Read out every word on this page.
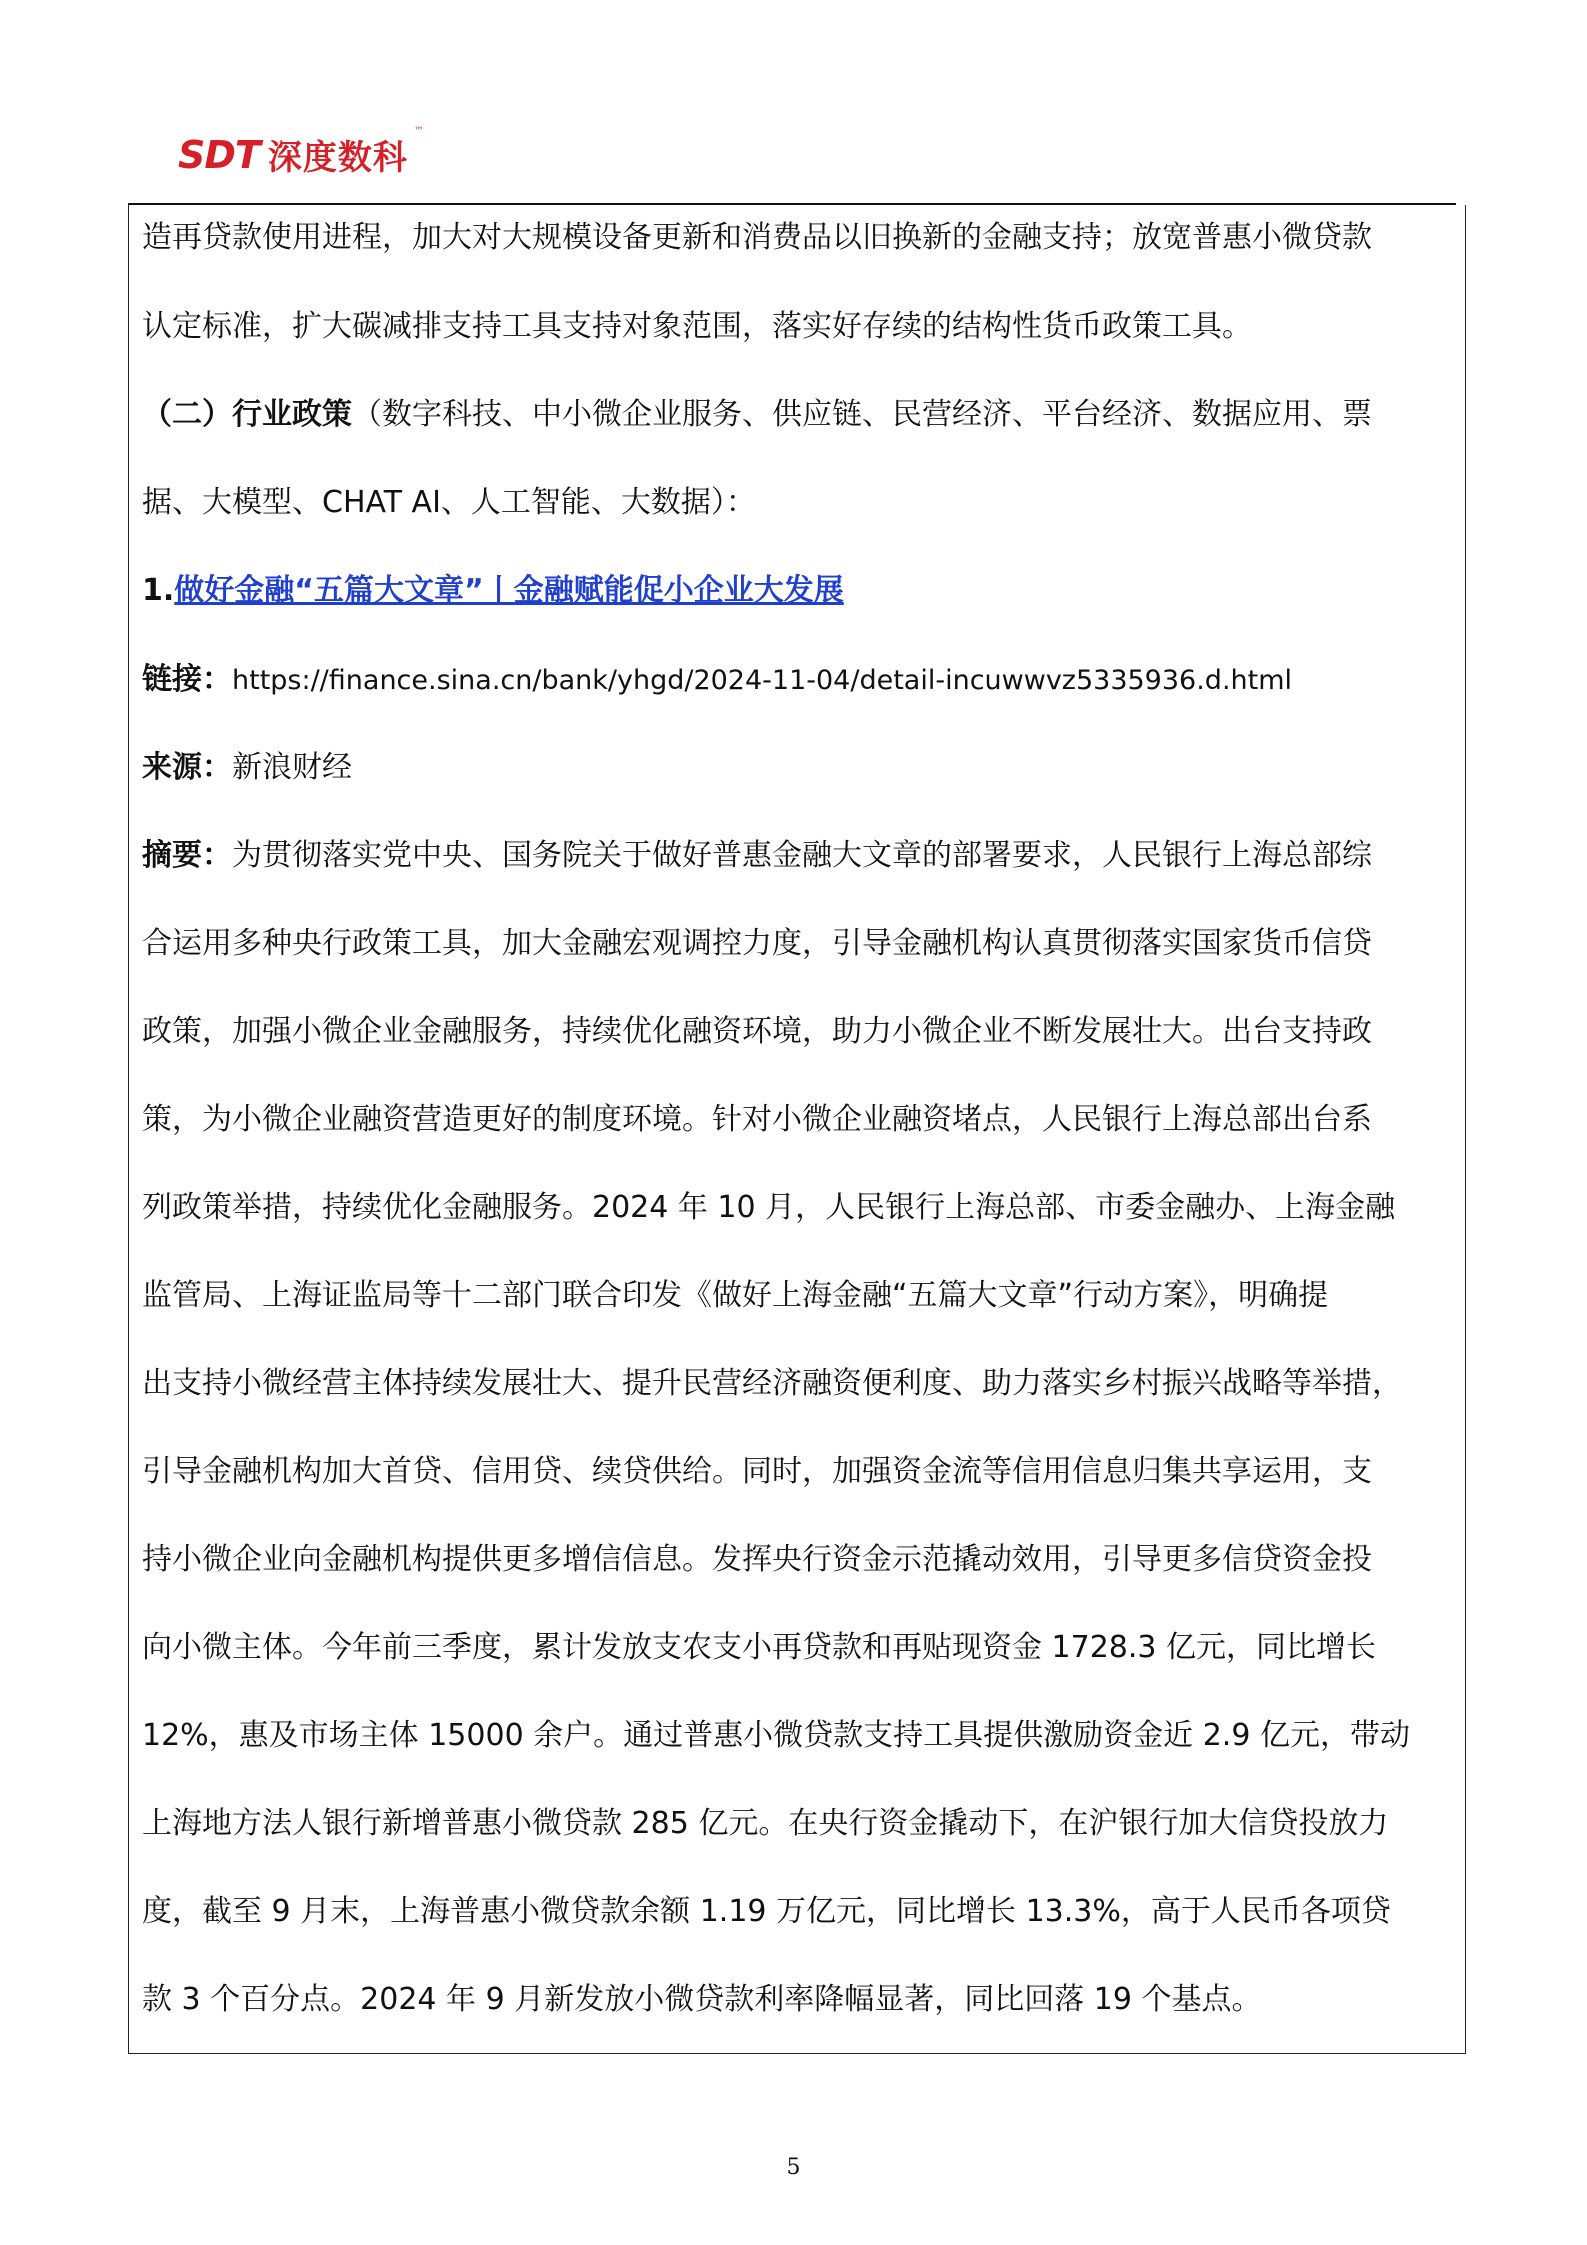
SDT 深度数科
™
造再贷款使用进程，加大对大规模设备更新和消费品以旧换新的金融支持；放宽普惠小微贷款
认定标准，扩大碳减排支持工具支持对象范围，落实好存续的结构性货币政策工具。
（二）行业政策（数字科技、中小微企业服务、供应链、民营经济、平台经济、数据应用、票
据、大模型、CHAT AI、人工智能、大数据）：
1.做好金融“五篇大文章”丨金融赋能促小企业大发展
链接：https://finance.sina.cn/bank/yhgd/2024-11-04/detail-incuwwvz5335936.d.html
来源：新浪财经
摘要：为贯彻落实党中央、国务院关于做好普惠金融大文章的部署要求，人民银行上海总部综
合运用多种央行政策工具，加大金融宏观调控力度，引导金融机构认真贯彻落实国家货币信贷
政策，加强小微企业金融服务，持续优化融资环境，助力小微企业不断发展壮大。出台支持政
策，为小微企业融资营造更好的制度环境。针对小微企业融资堵点，人民银行上海总部出台系
列政策举措，持续优化金融服务。2024 年 10 月，人民银行上海总部、市委金融办、上海金融
监管局、上海证监局等十二部门联合印发《做好上海金融“五篇大文章”行动方案》，明确提
出支持小微经营主体持续发展壮大、提升民营经济融资便利度、助力落实乡村振兴战略等举措，
引导金融机构加大首贷、信用贷、续贷供给。同时，加强资金流等信用信息归集共享运用，支
持小微企业向金融机构提供更多增信信息。发挥央行资金示范撬动效用，引导更多信贷资金投
向小微主体。今年前三季度，累计发放支农支小再贷款和再贴现资金 1728.3 亿元，同比增长
12%，惠及市场主体 15000 余户。通过普惠小微贷款支持工具提供激励资金近 2.9 亿元，带动
上海地方法人银行新增普惠小微贷款 285 亿元。在央行资金撬动下，在沪银行加大信贷投放力
度，截至 9 月末，上海普惠小微贷款余额 1.19 万亿元，同比增长 13.3%，高于人民币各项贷
款 3 个百分点。2024 年 9 月新发放小微贷款利率降幅显著，同比回落 19 个基点。
5
